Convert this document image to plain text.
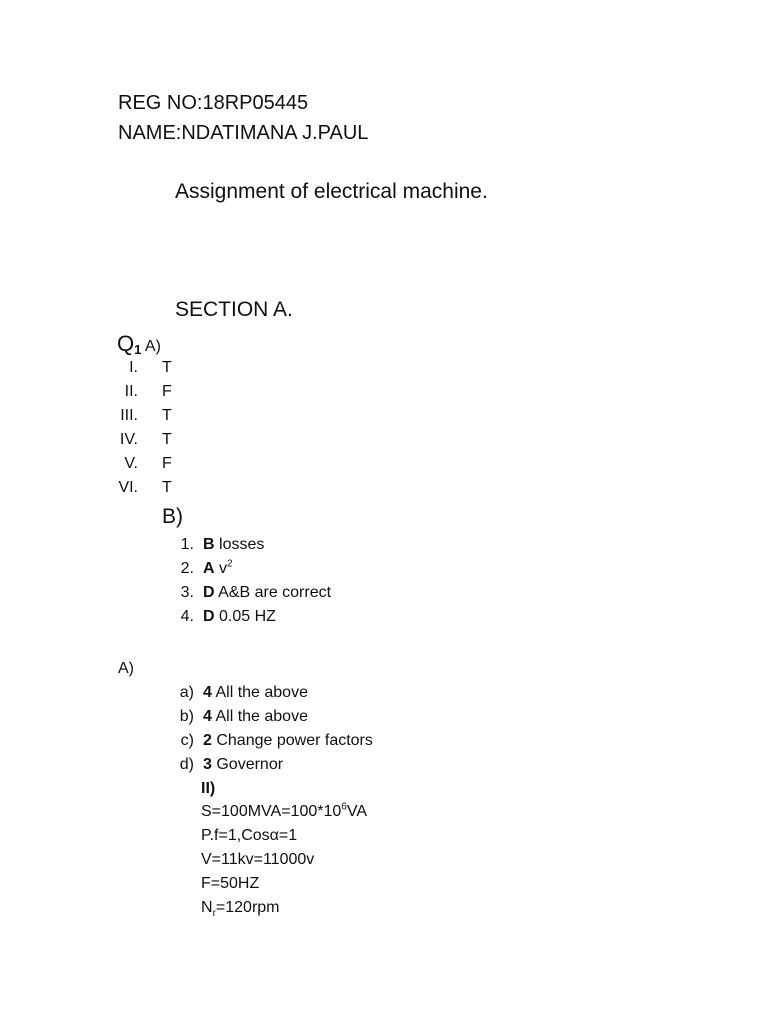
REG NO:18RP05445
NAME:NDATIMANA J.PAUL
Assignment of electrical machine.
SECTION A.
Q1 A)
I. T
II. F
III. T
IV. T
V. F
VI. T
B)
1. B losses
2. A $v^2$
3. D A&B are correct
4. D 0.05 HZ
A)
a) 4 All the above
b) 4 All the above
c) 2 Change power factors
d) 3 Governor
II)
$S=100MVA=100*10^6VA$
P.f=1,Cosα=1
V=11kv=11000v
F=50HZ
$N_r=120rpm$
